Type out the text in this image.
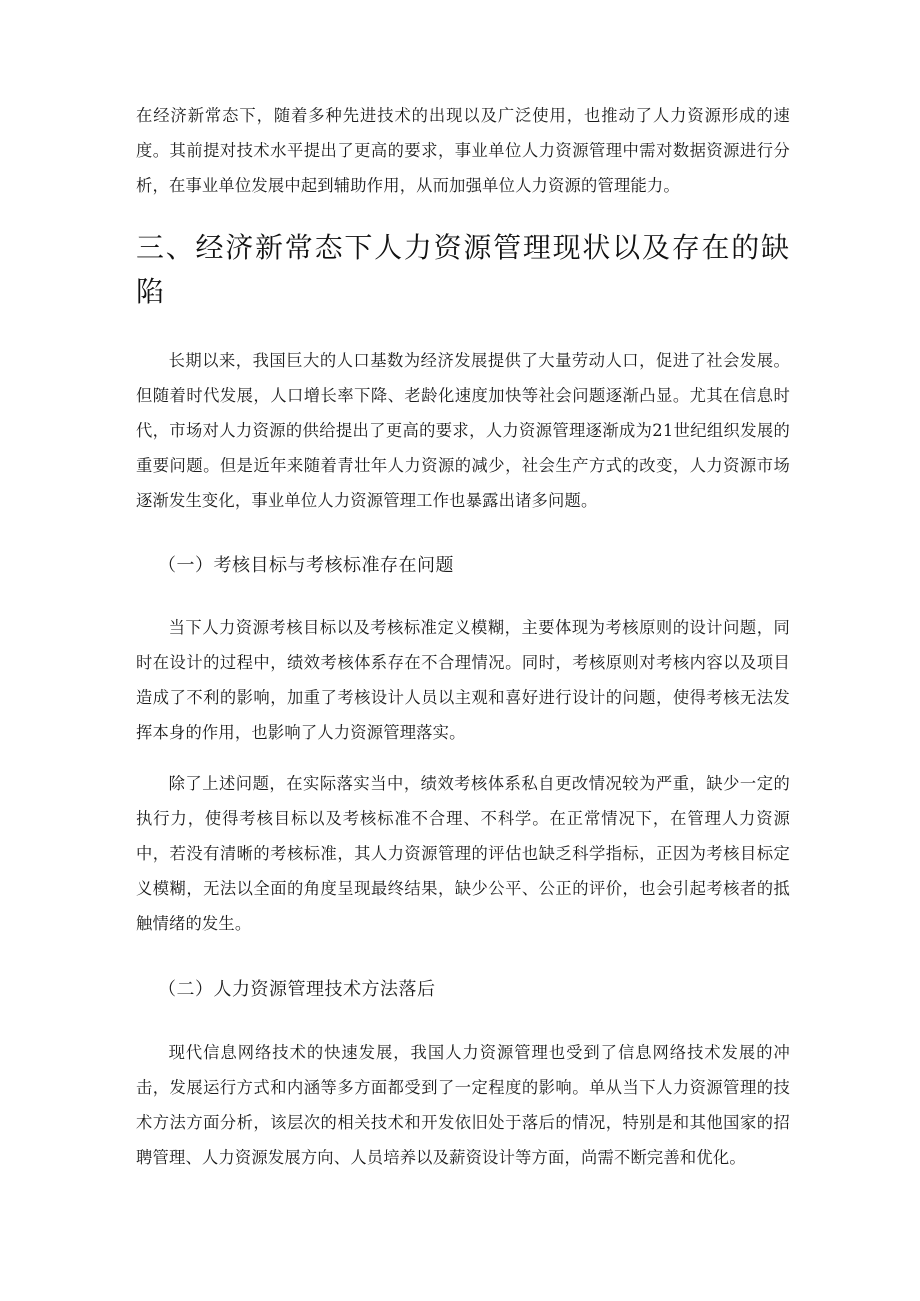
在经济新常态下，随着多种先进技术的出现以及广泛使用，也推动了人力资源形成的速度。其前提对技术水平提出了更高的要求，事业单位人力资源管理中需对数据资源进行分析，在事业单位发展中起到辅助作用，从而加强单位人力资源的管理能力。

三、经济新常态下人力资源管理现状以及存在的缺陷

长期以来，我国巨大的人口基数为经济发展提供了大量劳动人口，促进了社会发展。但随着时代发展，人口增长率下降、老龄化速度加快等社会问题逐渐凸显。尤其在信息时代，市场对人力资源的供给提出了更高的要求，人力资源管理逐渐成为21世纪组织发展的重要问题。但是近年来随着青壮年人力资源的减少，社会生产方式的改变，人力资源市场逐渐发生变化，事业单位人力资源管理工作也暴露出诸多问题。

（一）考核目标与考核标准存在问题

当下人力资源考核目标以及考核标准定义模糊，主要体现为考核原则的设计问题，同时在设计的过程中，绩效考核体系存在不合理情况。同时，考核原则对考核内容以及项目造成了不利的影响，加重了考核设计人员以主观和喜好进行设计的问题，使得考核无法发挥本身的作用，也影响了人力资源管理落实。

除了上述问题，在实际落实当中，绩效考核体系私自更改情况较为严重，缺少一定的执行力，使得考核目标以及考核标准不合理、不科学。在正常情况下，在管理人力资源中，若没有清晰的考核标准，其人力资源管理的评估也缺乏科学指标，正因为考核目标定义模糊，无法以全面的角度呈现最终结果，缺少公平、公正的评价，也会引起考核者的抵触情绪的发生。

（二）人力资源管理技术方法落后

现代信息网络技术的快速发展，我国人力资源管理也受到了信息网络技术发展的冲击，发展运行方式和内涵等多方面都受到了一定程度的影响。单从当下人力资源管理的技术方法方面分析，该层次的相关技术和开发依旧处于落后的情况，特别是和其他国家的招聘管理、人力资源发展方向、人员培养以及薪资设计等方面，尚需不断完善和优化。
